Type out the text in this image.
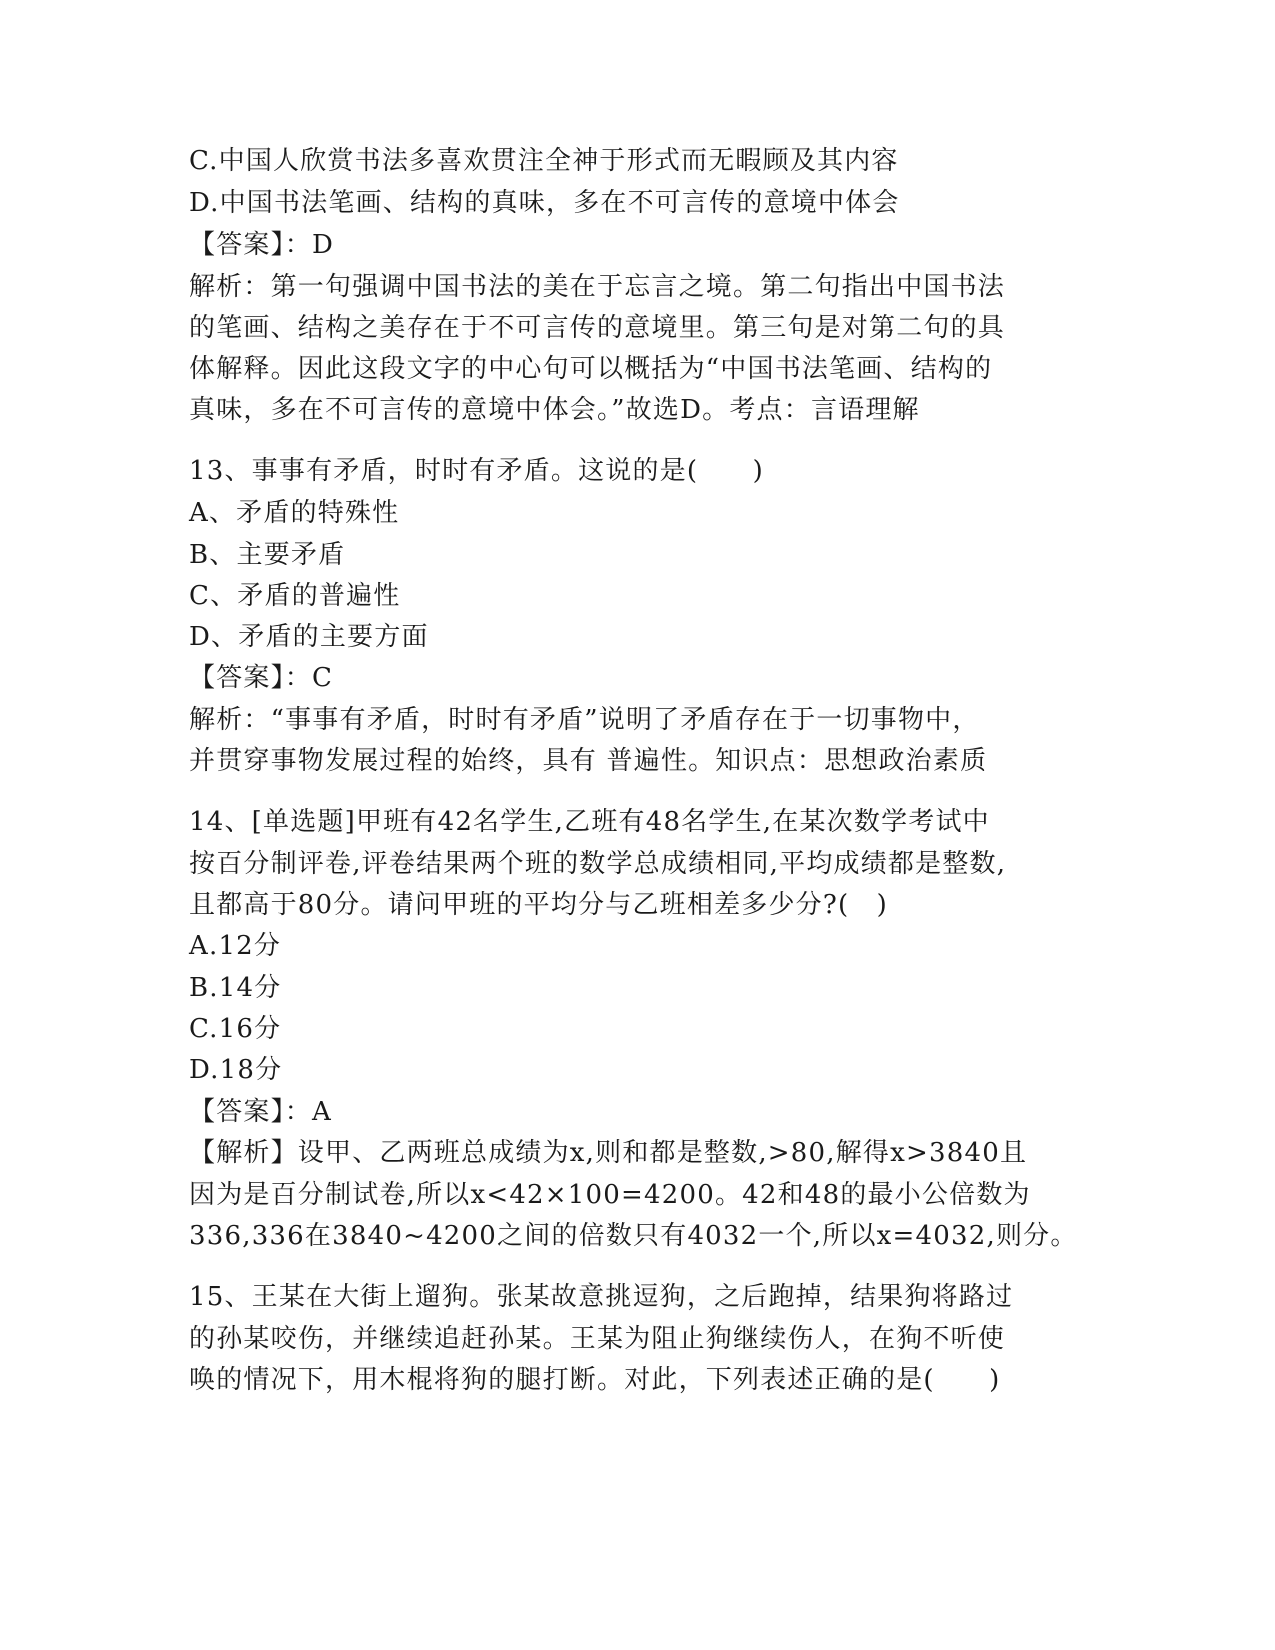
C.中国人欣赏书法多喜欢贯注全神于形式而无暇顾及其内容
D.中国书法笔画、结构的真味，多在不可言传的意境中体会
【答案】：D
解析：第一句强调中国书法的美在于忘言之境。第二句指出中国书法
的笔画、结构之美存在于不可言传的意境里。第三句是对第二句的具
体解释。因此这段文字的中心句可以概括为“中国书法笔画、结构的
真味，多在不可言传的意境中体会。”故选D。考点：言语理解
13、事事有矛盾，时时有矛盾。这说的是(　　)
A、矛盾的特殊性
B、主要矛盾
C、矛盾的普遍性
D、矛盾的主要方面
【答案】：C
解析：“事事有矛盾，时时有矛盾”说明了矛盾存在于一切事物中，
并贯穿事物发展过程的始终，具有 普遍性。知识点：思想政治素质
14、[单选题]甲班有42名学生,乙班有48名学生,在某次数学考试中
按百分制评卷,评卷结果两个班的数学总成绩相同,平均成绩都是整数,
且都高于80分。请问甲班的平均分与乙班相差多少分?(　)
A.12分
B.14分
C.16分
D.18分
【答案】：A
【解析】设甲、乙两班总成绩为x,则和都是整数,>80,解得x>3840且
因为是百分制试卷,所以x<42×100=4200。42和48的最小公倍数为
336,336在3840~4200之间的倍数只有4032一个,所以x=4032,则分。
15、王某在大街上遛狗。张某故意挑逗狗，之后跑掉，结果狗将路过
的孙某咬伤，并继续追赶孙某。王某为阻止狗继续伤人，在狗不听使
唤的情况下，用木棍将狗的腿打断。对此，下列表述正确的是(　　)
